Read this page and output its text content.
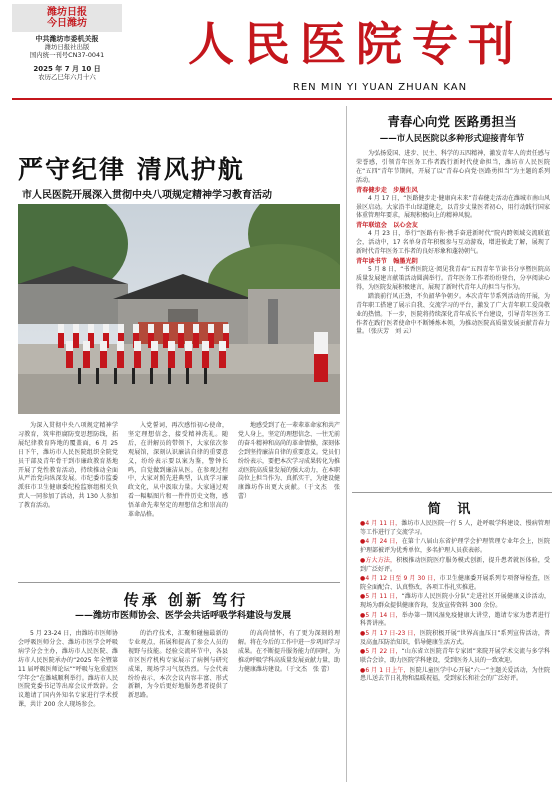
潍坊日报
今日潍坊
中共潍坊市委机关报
潍坊日报社出版
国内统一刊号CN37-0041
2025 年 7 月 10 日
农历乙巳年六月十六
人民医院专刊
REN MIN YI YUAN ZHUAN KAN
严守纪律 清风护航
市人民医院开展深入贯彻中央八项规定精神学习教育活动
为深入贯彻中央八项规定精神学习教育，筑牢拒腐防变思想防线，拓展纪律教育阵地的覆盖面，6 月 25 日下午，潍坊市人民医院组织全院党员干部及青年骨干到市廉政教育基地开展了党性教育活动，持续推动全面从严治党向纵深发展。市纪委市监委派驻市卫生健康委纪检监察组相关负责人一同参加了活动，共 130 人参加了教育活动。
入党誓词，再次感悟初心使命，坚定理想信念，接受精神洗礼。随后，在讲解员的带领下，大家依次参观展馆，深刻认识廉洁自律的重要意义，纷纷表示要以案为鉴，警钟长鸣，自觉做到廉洁从医。在参观过程中，大家对照先进典型，认真学习廉政文化，从中汲取力量。大家通过观看一幅幅图片和一件件历史文物，感悟革命先辈坚定的理想信念和崇高的革命品格。
地感受到了在一辈辈革命家和共产党人身上，坚定的理想信念、一往无前的奋斗精神和高尚的革命情操，深刻体会到坚持廉洁自律的重要意义。党员们纷纷表示，要把本次学习成果转化为推动医院高质量发展的强大动力，在本职岗位上担当作为、真抓实干，为建设健康潍坊作出更大贡献。（于文杰　张 蕾）
传承 创新 笃行
——潍坊市医师协会、医学会共话呼吸学科建设与发展
5 月 23-24 日，由潍坊市医师协会呼吸医师分会、潍坊市医学会呼吸病学分会主办，潍坊市人民医院、潍坊市人民医院承办的“2025 年全暨第 11 届呼吸医师论坛”“呼吸与危重症医学年会”在潍城顺利举行。潍坊市人民医院党委书记等出席会议并致辞。会议邀请了国内外知名专家进行学术授课，共计 200 余人现场参会。
的治疗技术，汇聚和碰撞最新的专业观点，拓展和提高了参会人员的视野与技能。经验交流环节中，各县市区医疗机构专家展示了病例与研究成果，现场学习气氛热烈。与会代表纷纷表示，本次会议内容丰富、形式新颖，为今后更好地服务患者提供了新思路。
的高尚情怀，有了更为深刻的理解。将在今后的工作中进一步巩固学习成果。在不断提升服务能力的同时，为推动呼吸学科高质量发展贡献力量，助力健康潍坊建设。（于文杰　张 蕾）
青春心向党 医路勇担当
——市人民医院以多种形式迎接青年节

为弘扬爱国、进步、民主、科学的五四精神，激发青年人的责任感与荣誉感，引领青年医务工作者践行新时代使命担当，潍坊市人民医院在“五四”青年节期间，开展了以“青春心向党·医路勇担当”为主题的系列活动。

青春健步走　步履生风

4 月 17 日，“医路健步走·健康向未来”青春健走活动在潍城市南山风景区启动。大家沿半山绿道健走，以青步丈量医者初心，用行动践行国家体重管理年要求，展现积极向上的精神风貌。

青年联谊会　以心会友

4 月 23 日，举行“医路有你·携手奋进新时代”院内跨领域交流联谊会，活动中，17 名单身青年积极参与互动游戏，增进彼此了解，展现了新时代青年医务工作者的良好形象和蓬勃朝气。

青年读书节　翰墨光阴

5 月 8 日，“书香医院这·阅见我青春”五四青年节读书分享暨医院高质量发展建言献策活动圆满举行。青年医务工作者纷纷登台，分享阅读心得，为医院发展积极建言，展现了新时代青年人的担当与作为。

踏浪前行风正劲，不负韶华争朝夕。本次青年节系列活动的开展，为青年职工搭建了展示自我、交流学习的平台，激发了广大青年职工爱岗敬业的热情。下一步，医院将持续深化青年成长平台建设，引导青年医务工作者在践行医者使命中不断锤炼本领，为推动医院高质量发展贡献青春力量。（张庆芳　刘 云）

简 讯
●4 月 11 日，潍坊市人民医院一行 5 人，赴呼吸学科建设、慢病管理等工作进行了交流学习。
●4 月 24 日，在第十八届山东省护理学会护理管理专业年会上，医院护理部被评为优秀单位，多名护理人员获表彰。
●方大方法，积极推动医院医疗服务模式创新，提升患者就医体验，受到广泛好评。
●4 月 12 日至 9 月 30 日，市卫生健康委开展系列专项督导检查，医院全面配合、认真整改，各项工作扎实推进。
●5 月 11 日，“潍坊市人民医院小分队”走进社区开展健康义诊活动，现场为群众提供健康咨询，发放宣传资料 300 余份。
●5 月 14 日，举办第一期风湿免疫健康大讲堂，邀请专家为患者进行科普讲座。
●5 月 17 日-23 日，医院积极开展“世界高血压日”系列宣传活动，普及高血压防治知识，倡导健康生活方式。
●5 月 22 日，“山东省立医院青年专家团”来院开展学术交流与多学科联合会诊，助力医院学科建设，受到医务人员的一致欢迎。
●6 月 1 日上午，医院儿童医学中心开展“六一”主题关爱活动，为住院患儿送去节日礼物和温暖祝福，受到家长和社会的广泛好评。
